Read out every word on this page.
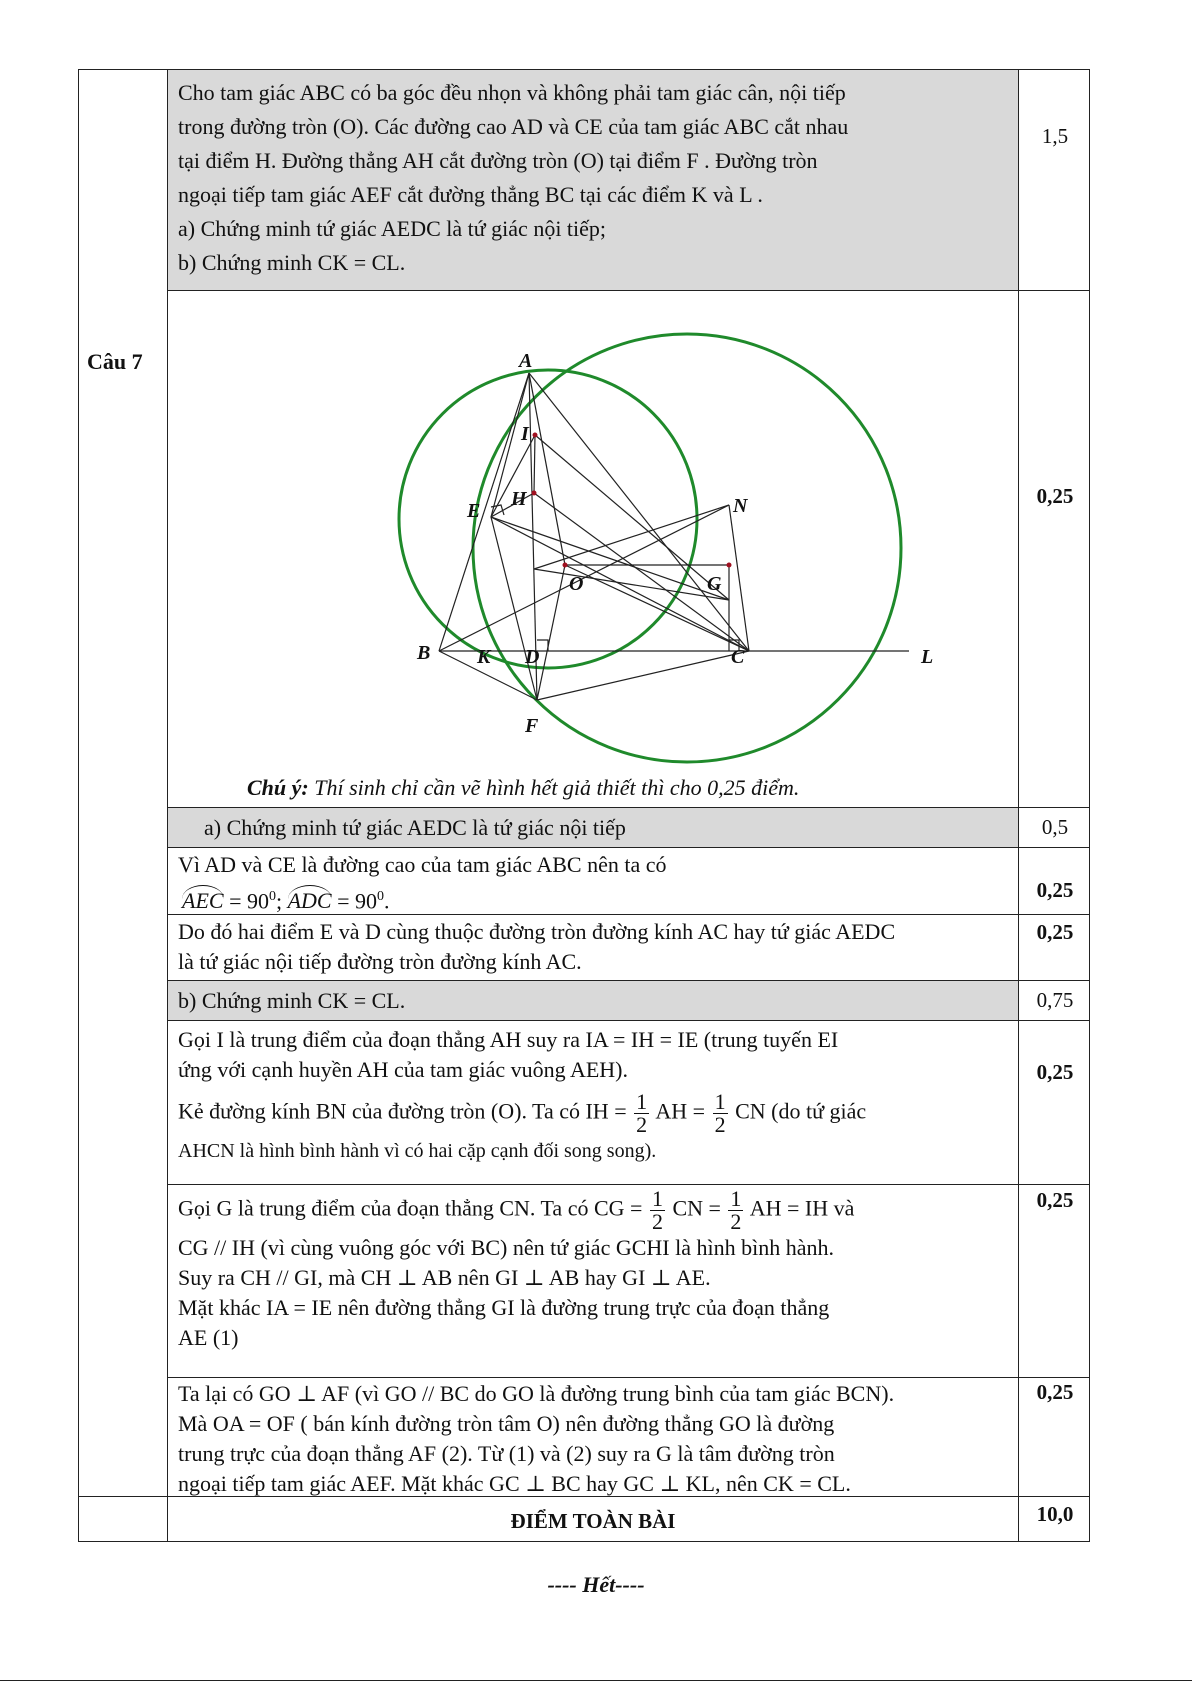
Câu 7
Cho tam giác ABC có ba góc đều nhọn và không phải tam giác cân, nội tiếp
trong đường tròn (O). Các đường cao AD và CE của tam giác ABC cắt nhau
tại điểm H. Đường thẳng AH cắt đường tròn (O) tại điểm F . Đường tròn
ngoại tiếp tam giác AEF cắt đường thẳng BC tại các điểm K và L .
a) Chứng minh tứ giác AEDC là tứ giác nội tiếp;
b) Chứng minh CK = CL.
1,5
A
I
E	N
H
O	G
B K D	C	L
F
Chú ý: Thí sinh chỉ cần vẽ hình hết giả thiết thì cho 0,25 điểm.
0,25
a) Chứng minh tứ giác AEDC là tứ giác nội tiếp	0,5
Vì AD và CE là đường cao của tam giác ABC nên ta có
AEC = $90^0$; ADC = $90^0$.	0,25
Do đó hai điểm E và D cùng thuộc đường tròn đường kính AC hay tứ giác AEDC
là tứ giác nội tiếp đường tròn đường kính AC.
0,25
b) Chứng minh CK = CL.	0,75
Gọi I là trung điểm của đoạn thẳng AH suy ra IA = IH = IE (trung tuyến EI
ứng với cạnh huyền AH của tam giác vuông AEH).
Kẻ đường kính BN của đường tròn (O). Ta có IH = $\frac{1}{2}$ AH = $\frac{1}{2}$ CN (do tứ giác
AHCN là hình bình hành vì có hai cặp cạnh đối song song).
0,25
Gọi G là trung điểm của đoạn thẳng CN. Ta có CG = $\frac{1}{2}$ CN = $\frac{1}{2}$ AH = IH và
CG // IH (vì cùng vuông góc với BC) nên tứ giác GCHI là hình bình hành.
Suy ra CH // GI, mà CH ⊥ AB nên GI ⊥ AB hay GI ⊥ AE.
Mặt khác IA = IE nên đường thẳng GI là đường trung trực của đoạn thẳng
AE (1)
0,25
Ta lại có GO ⊥ AF (vì GO // BC do GO là đường trung bình của tam giác BCN).
Mà OA = OF ( bán kính đường tròn tâm O) nên đường thẳng GO là đường
trung trực của đoạn thẳng AF (2). Từ (1) và (2) suy ra G là tâm đường tròn
ngoại tiếp tam giác AEF. Mặt khác GC ⊥ BC hay GC ⊥ KL, nên CK = CL.
0,25
ĐIỂM TOÀN BÀI	10,0
---- Hết----
